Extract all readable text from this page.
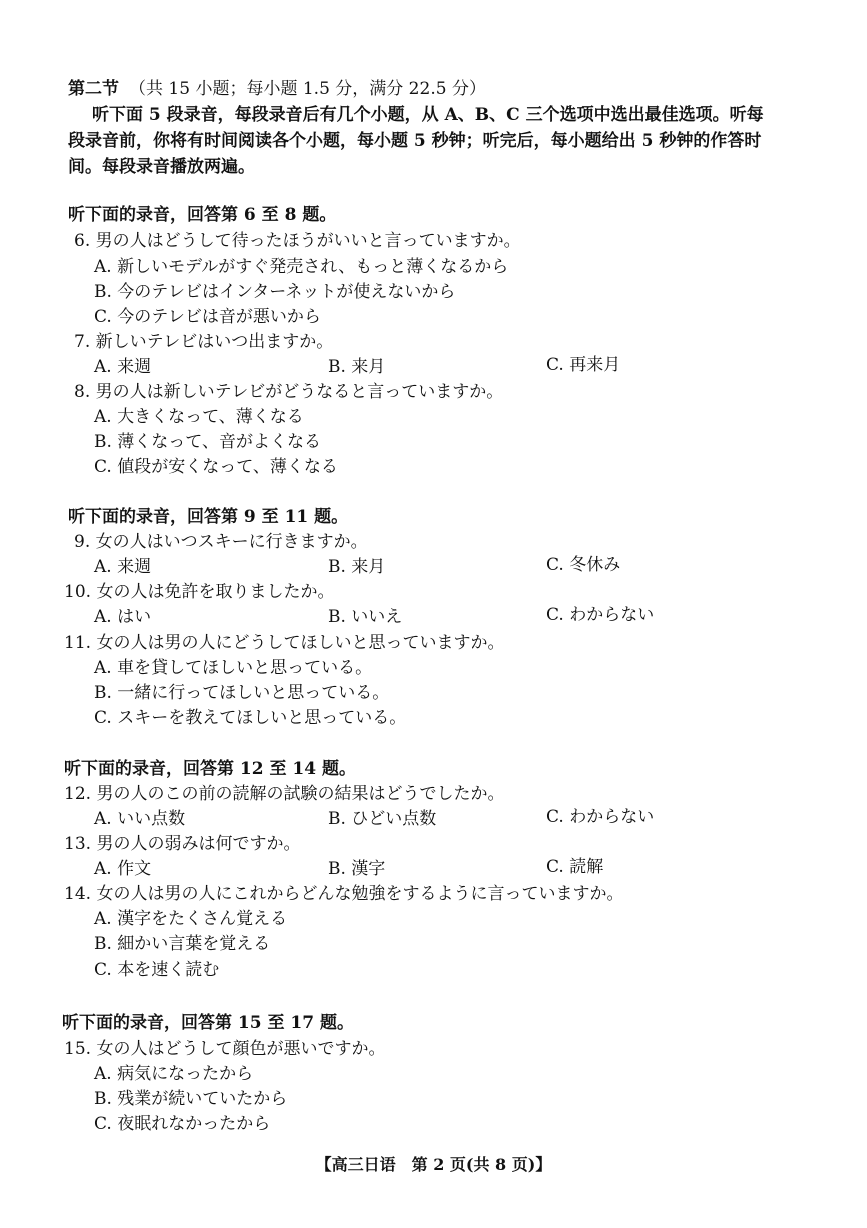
第二节 （共 15 小题；每小题 1.5 分，满分 22.5 分）
听下面 5 段录音，每段录音后有几个小题，从 A、B、C 三个选项中选出最佳选项。听每
段录音前，你将有时间阅读各个小题，每小题 5 秒钟；听完后，每小题给出 5 秒钟的作答时
间。每段录音播放两遍。
听下面的录音，回答第 6 至 8 题。
6. 男の人はどうして待ったほうがいいと言っていますか。
A. 新しいモデルがすぐ発売され、もっと薄くなるから
B. 今のテレビはインターネットが使えないから
C. 今のテレビは音が悪いから
7. 新しいテレビはいつ出ますか。
A. 来週	B. 来月	C. 再来月
8. 男の人は新しいテレビがどうなると言っていますか。
A. 大きくなって、薄くなる
B. 薄くなって、音がよくなる
C. 値段が安くなって、薄くなる
听下面的录音，回答第 9 至 11 题。
9. 女の人はいつスキーに行きますか。
A. 来週	B. 来月	C. 冬休み
10. 女の人は免許を取りましたか。
A. はい	B. いいえ	C. わからない
11. 女の人は男の人にどうしてほしいと思っていますか。
A. 車を貸してほしいと思っている。
B. 一緒に行ってほしいと思っている。
C. スキーを教えてほしいと思っている。
听下面的录音，回答第 12 至 14 题。
12. 男の人のこの前の読解の試験の結果はどうでしたか。
A. いい点数	B. ひどい点数	C. わからない
13. 男の人の弱みは何ですか。
A. 作文	B. 漢字	C. 読解
14. 女の人は男の人にこれからどんな勉強をするように言っていますか。
A. 漢字をたくさん覚える
B. 細かい言葉を覚える
C. 本を速く読む
听下面的录音，回答第 15 至 17 题。
15. 女の人はどうして顔色が悪いですか。
A. 病気になったから
B. 残業が続いていたから
C. 夜眠れなかったから
【高三日语　第 2 页(共 8 页)】
